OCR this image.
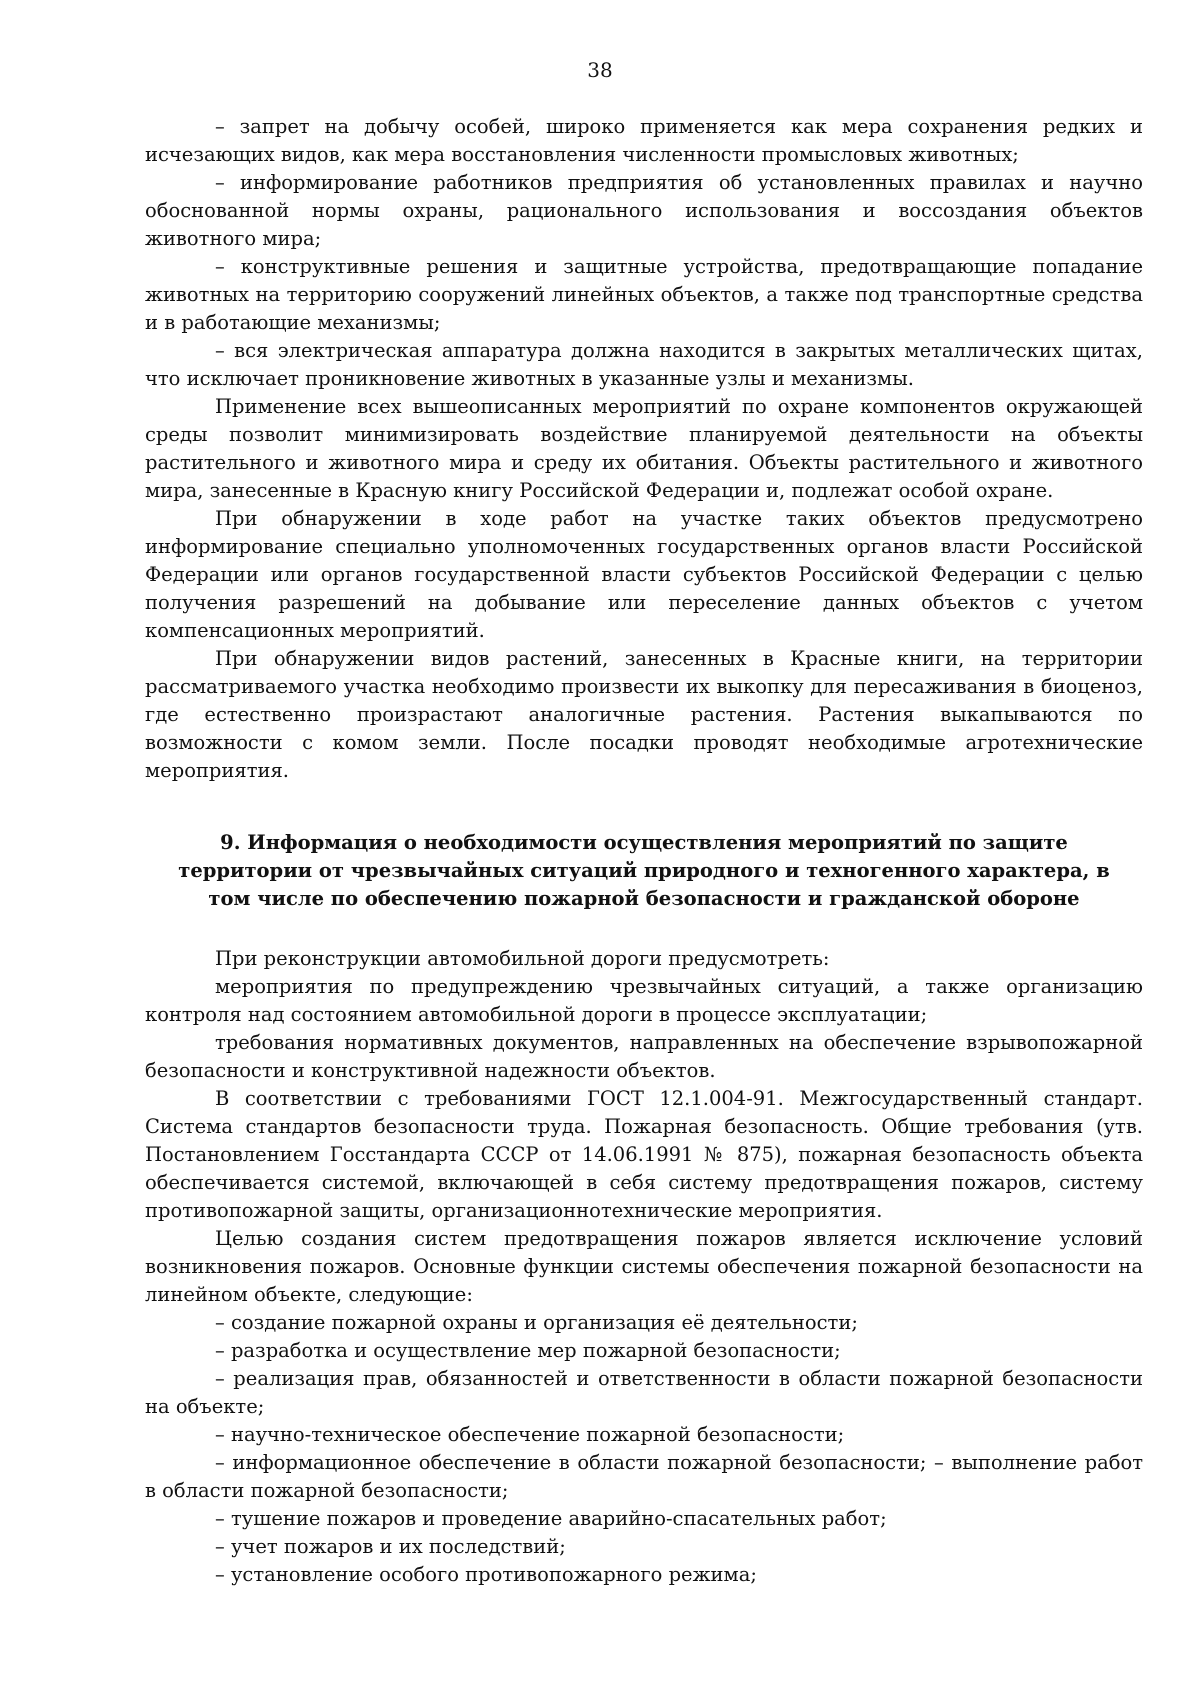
38

– запрет на добычу особей, широко применяется как мера сохранения редких и исчезающих видов, как мера восстановления численности промысловых животных;

– информирование работников предприятия об установленных правилах и научно обоснованной нормы охраны, рационального использования и воссоздания объектов животного мира;

– конструктивные решения и защитные устройства, предотвращающие попадание животных на территорию сооружений линейных объектов, а также под транспортные средства и в работающие механизмы;

– вся электрическая аппаратура должна находится в закрытых металлических щитах, что исключает проникновение животных в указанные узлы и механизмы.

Применение всех вышеописанных мероприятий по охране компонентов окружающей среды позволит минимизировать воздействие планируемой деятельности на объекты растительного и животного мира и среду их обитания. Объекты растительного и животного мира, занесенные в Красную книгу Российской Федерации и, подлежат особой охране.

При обнаружении в ходе работ на участке таких объектов предусмотрено информирование специально уполномоченных государственных органов власти Российской Федерации или органов государственной власти субъектов Российской Федерации с целью получения разрешений на добывание или переселение данных объектов с учетом компенсационных мероприятий.

При обнаружении видов растений, занесенных в Красные книги, на территории рассматриваемого участка необходимо произвести их выкопку для пересаживания в биоценоз, где естественно произрастают аналогичные растения. Растения выкапываются по возможности с комом земли. После посадки проводят необходимые агротехнические мероприятия.

9. Информация о необходимости осуществления мероприятий по защите территории от чрезвычайных ситуаций природного и техногенного характера, в том числе по обеспечению пожарной безопасности и гражданской обороне

При реконструкции автомобильной дороги предусмотреть:

мероприятия по предупреждению чрезвычайных ситуаций, а также организацию контроля над состоянием автомобильной дороги в процессе эксплуатации;

требования нормативных документов, направленных на обеспечение взрывопожарной безопасности и конструктивной надежности объектов.

В соответствии с требованиями ГОСТ 12.1.004-91. Межгосударственный стандарт. Система стандартов безопасности труда. Пожарная безопасность. Общие требования (утв. Постановлением Госстандарта СССР от 14.06.1991 № 875), пожарная безопасность объекта обеспечивается системой, включающей в себя систему предотвращения пожаров, систему противопожарной защиты, организационнотехнические мероприятия.

Целью создания систем предотвращения пожаров является исключение условий возникновения пожаров. Основные функции системы обеспечения пожарной безопасности на линейном объекте, следующие:

– создание пожарной охраны и организация её деятельности;

– разработка и осуществление мер пожарной безопасности;

– реализация прав, обязанностей и ответственности в области пожарной безопасности на объекте;

– научно-техническое обеспечение пожарной безопасности;

– информационное обеспечение в области пожарной безопасности; – выполнение работ в области пожарной безопасности;

– тушение пожаров и проведение аварийно-спасательных работ;

– учет пожаров и их последствий;

– установление особого противопожарного режима;
